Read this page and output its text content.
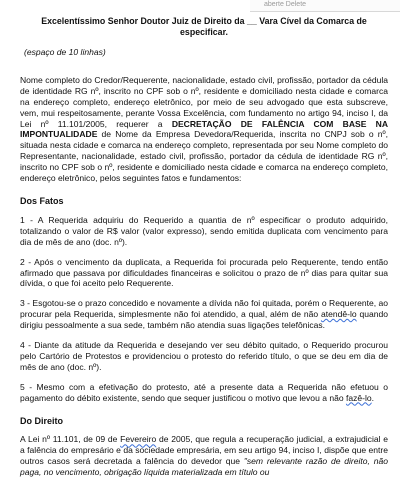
aberte Delete
Excelentíssimo Senhor Doutor Juiz de Direito da __ Vara Cível da Comarca de especificar.
(espaço de 10 linhas)

Nome completo do Credor/Requerente, nacionalidade, estado civil, profissão, portador da cédula de identidade RG nº, inscrito no CPF sob o nº, residente e domiciliado nesta cidade e comarca na endereço completo, endereço eletrônico, por meio de seu advogado que esta subscreve, vem, mui respeitosamente, perante Vossa Excelência, com fundamento no artigo 94, inciso I, da Lei nº 11.101/2005, requerer a DECRETAÇÃO DE FALÊNCIA COM BASE NA IMPONTUALIDADE de Nome da Empresa Devedora/Requerida, inscrita no CNPJ sob o nº, situada nesta cidade e comarca na endereço completo, representada por seu Nome completo do Representante, nacionalidade, estado civil, profissão, portador da cédula de identidade RG nº, inscrito no CPF sob o nº, residente e domiciliado nesta cidade e comarca na endereço completo, endereço eletrônico, pelos seguintes fatos e fundamentos:

Dos Fatos

1 - A Requerida adquiriu do Requerido a quantia de nº especificar o produto adquirido, totalizando o valor de R$ valor (valor expresso), sendo emitida duplicata com vencimento para dia de mês de ano (doc. nº).

2 - Após o vencimento da duplicata, a Requerida foi procurada pelo Requerente, tendo então afirmado que passava por dificuldades financeiras e solicitou o prazo de nº dias para quitar sua dívida, o que foi aceito pelo Requerente.

3 - Esgotou-se o prazo concedido e novamente a dívida não foi quitada, porém o Requerente, ao procurar pela Requerida, simplesmente não foi atendido, a qual, além de não atendê-lo quando dirigiu pessoalmente a sua sede, também não atendia suas ligações telefônicas.

4 - Diante da atitude da Requerida e desejando ver seu débito quitado, o Requerido procurou pelo Cartório de Protestos e providenciou o protesto do referido título, o que se deu em dia de mês de ano (doc. nº).

5 - Mesmo com a efetivação do protesto, até a presente data a Requerida não efetuou o pagamento do débito existente, sendo que sequer justificou o motivo que levou a não fazê-lo.

Do Direito

A Lei nº 11.101, de 09 de Fevereiro de 2005, que regula a recuperação judicial, a extrajudicial e a falência do empresário e da sociedade empresária, em seu artigo 94, inciso I, dispõe que entre outros casos será decretada a falência do devedor que "sem relevante razão de direito, não paga, no vencimento, obrigação líquida materializada em título ou
